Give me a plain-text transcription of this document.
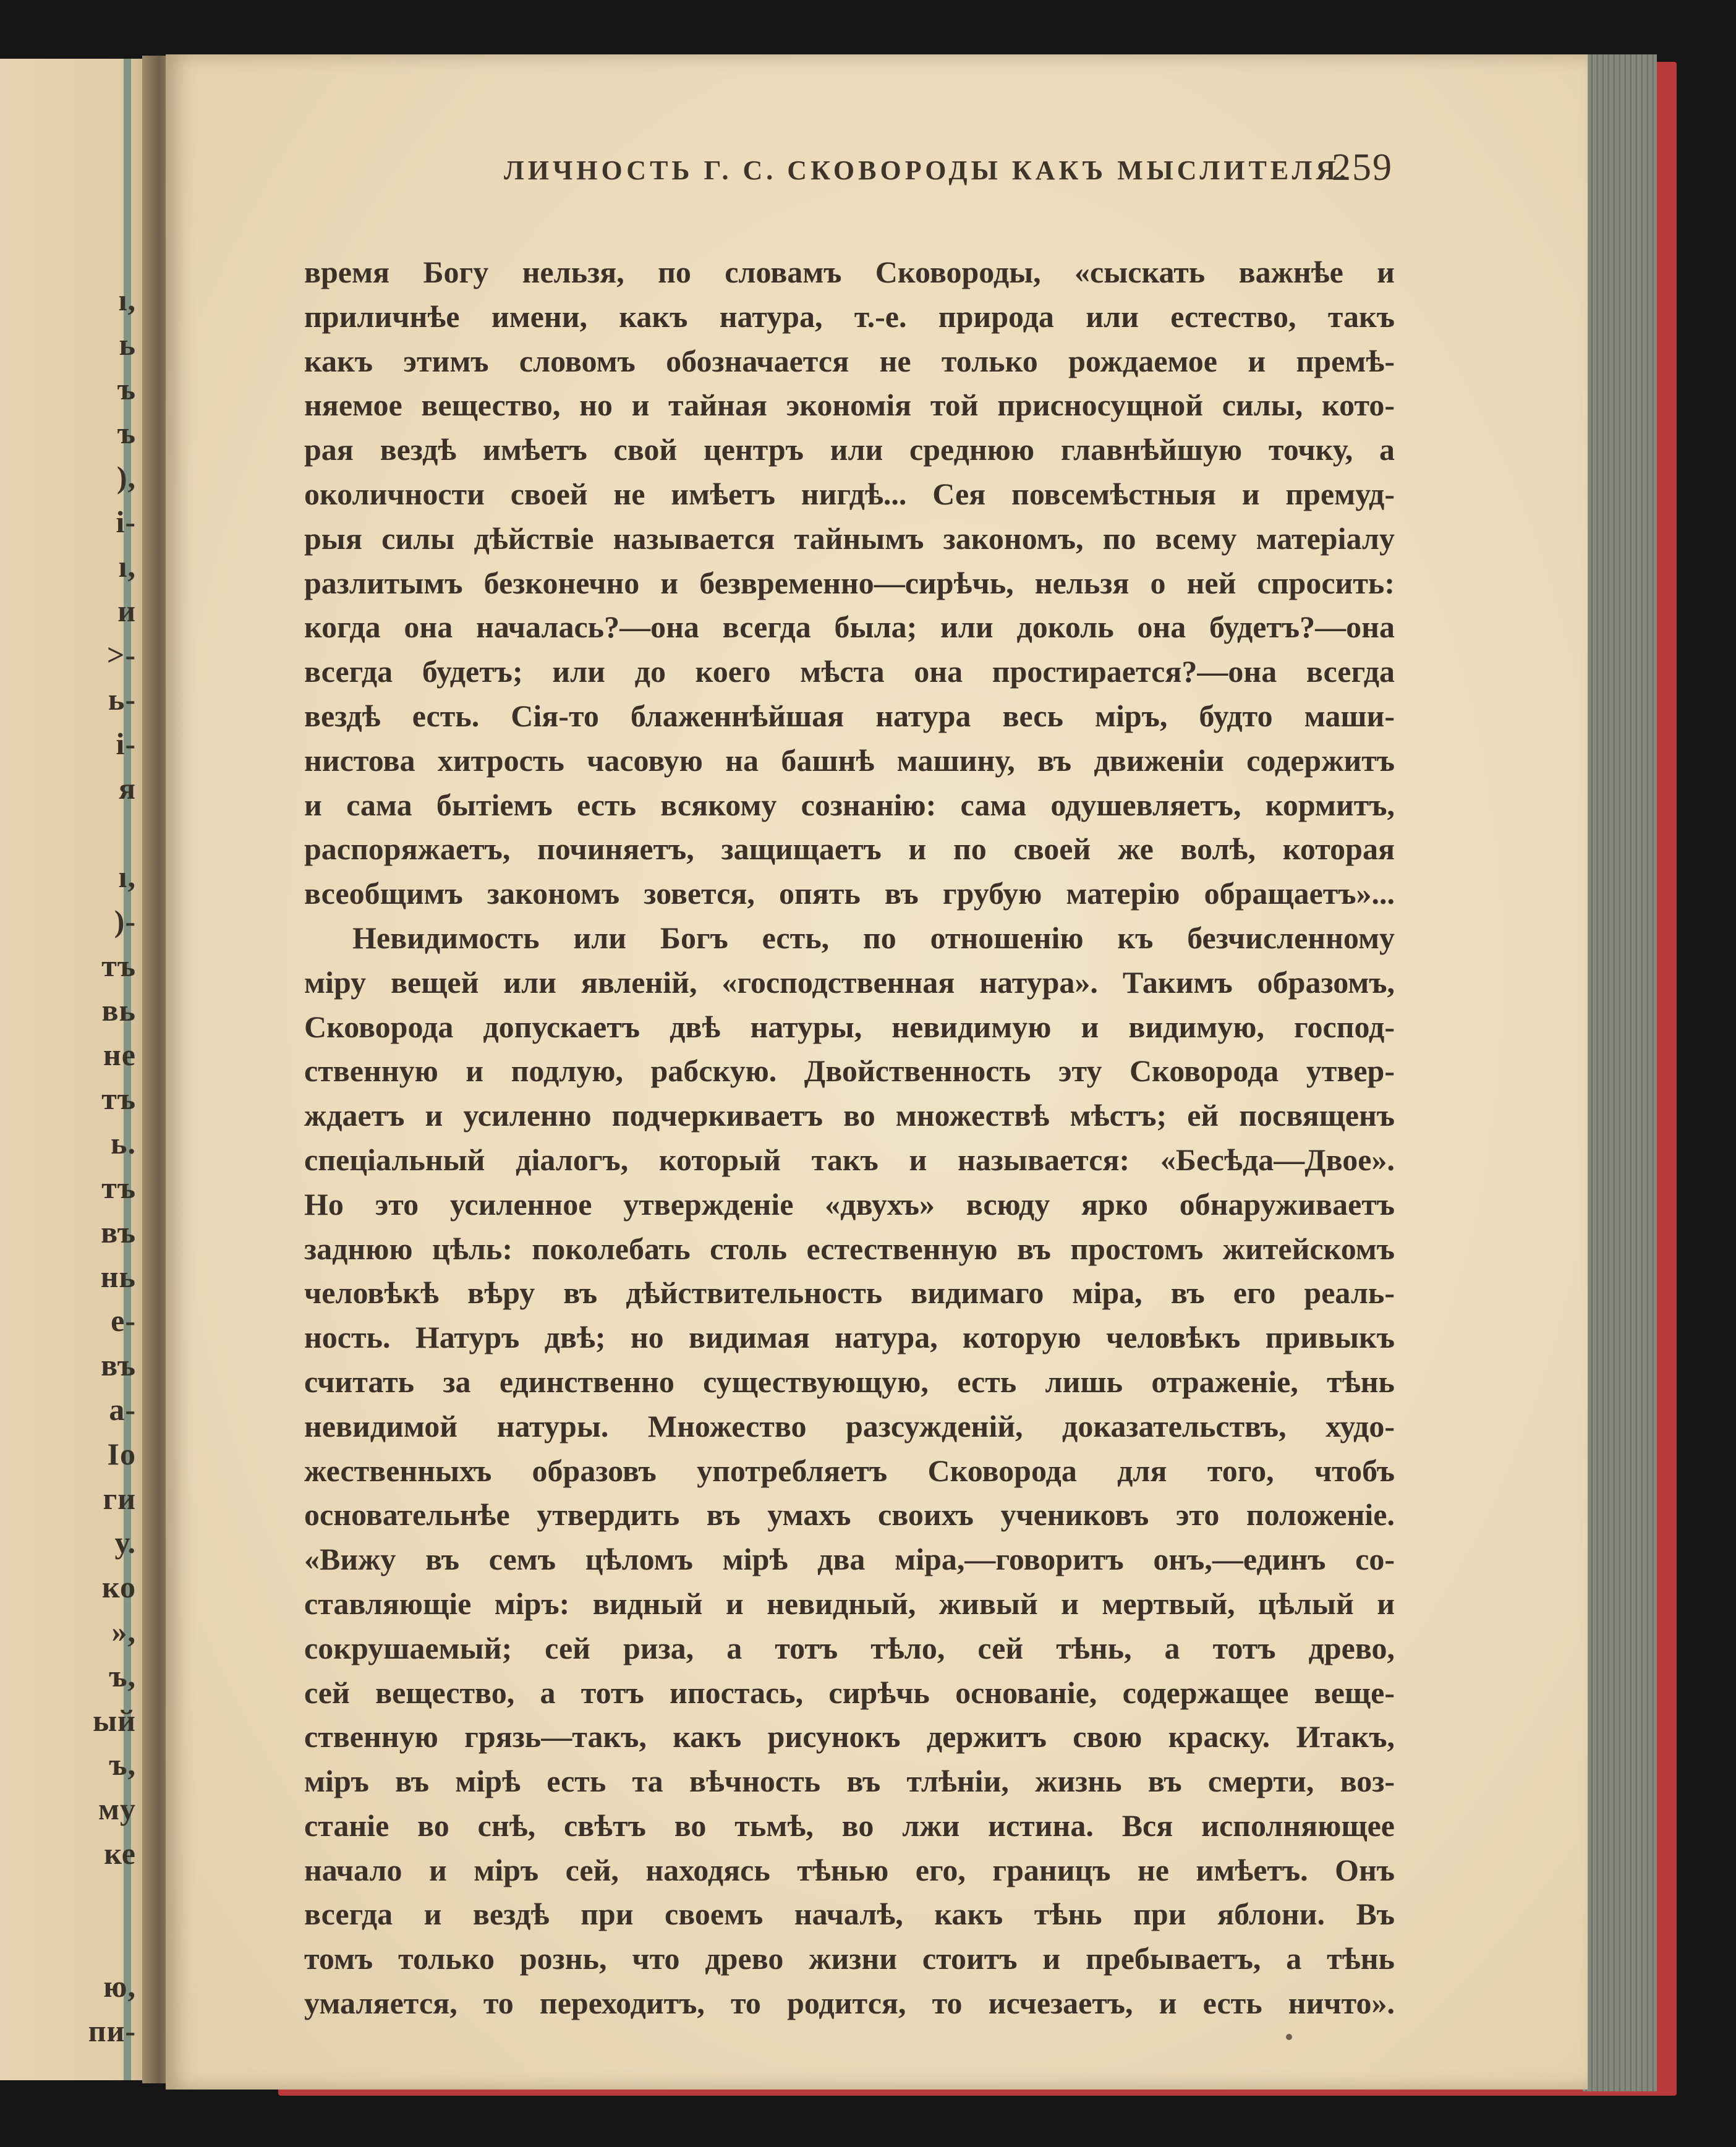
ı,
ь
ъ
ъ
),
i-
ı,
и
>-
ь-
i-
я
ı,
)-
тъ
вь
не
тъ
ь.
тъ
въ
нь
е-
въ
а-
Io
ги
у.
ко
»,
ъ,
ый
ъ,
му
ке
ю,
пи-
ЛИЧНОСТЬ Г. С. СКОВОРОДЫ КАКЪ МЫСЛИТЕЛЯ.
259
время Богу нельзя, по словамъ Сковороды, «сыскать важнѣе и
приличнѣе имени, какъ натура, т.-е. природа или естество, такъ
какъ этимъ словомъ обозначается не только рождаемое и премѣ-
няемое вещество, но и тайная экономія той присносущной силы, кото-
рая вездѣ имѣетъ свой центръ или среднюю главнѣйшую точку, а
околичности своей не имѣетъ нигдѣ... Сея повсемѣстныя и премуд-
рыя силы дѣйствіе называется тайнымъ закономъ, по всему матеріалу
разлитымъ безконечно и безвременно—сирѣчь, нельзя о ней спросить:
когда она началась?—она всегда была; или доколь она будетъ?—она
всегда будетъ; или до коего мѣста она простирается?—она всегда
вездѣ есть. Сія-то блаженнѣйшая натура весь міръ, будто маши-
нистова хитрость часовую на башнѣ машину, въ движеніи содержитъ
и сама бытіемъ есть всякому сознанію: сама одушевляетъ, кормитъ,
распоряжаетъ, починяетъ, защищаетъ и по своей же волѣ, которая
всеобщимъ закономъ зовется, опять въ грубую матерію обращаетъ»...
Невидимость или Богъ есть, по отношенію къ безчисленному
міру вещей или явленій, «господственная натура». Такимъ образомъ,
Сковорода допускаетъ двѣ натуры, невидимую и видимую, господ-
ственную и подлую, рабскую. Двойственность эту Сковорода утвер-
ждаетъ и усиленно подчеркиваетъ во множествѣ мѣстъ; ей посвященъ
спеціальный діалогъ, который такъ и называется: «Бесѣда—Двое».
Но это усиленное утвержденіе «двухъ» всюду ярко обнаруживаетъ
заднюю цѣль: поколебать столь естественную въ простомъ житейскомъ
человѣкѣ вѣру въ дѣйствительность видимаго міра, въ его реаль-
ность. Натуръ двѣ; но видимая натура, которую человѣкъ привыкъ
считать за единственно существующую, есть лишь отраженіе, тѣнь
невидимой натуры. Множество разсужденій, доказательствъ, худо-
жественныхъ образовъ употребляетъ Сковорода для того, чтобъ
основательнѣе утвердить въ умахъ своихъ учениковъ это положеніе.
«Вижу въ семъ цѣломъ мірѣ два міра,—говоритъ онъ,—единъ со-
ставляющіе міръ: видный и невидный, живый и мертвый, цѣлый и
сокрушаемый; сей риза, а тотъ тѣло, сей тѣнь, а тотъ древо,
сей вещество, а тотъ ипостась, сирѣчь основаніе, содержащее веще-
ственную грязь—такъ, какъ рисунокъ держитъ свою краску. Итакъ,
міръ въ мірѣ есть та вѣчность въ тлѣніи, жизнь въ смерти, воз-
станіе во снѣ, свѣтъ во тьмѣ, во лжи истина. Вся исполняющее
начало и міръ сей, находясь тѣнью его, границъ не имѣетъ. Онъ
всегда и вездѣ при своемъ началѣ, какъ тѣнь при яблони. Въ
томъ только рознь, что древо жизни стоитъ и пребываетъ, а тѣнь
умаляется, то переходитъ, то родится, то исчезаетъ, и есть ничто».
